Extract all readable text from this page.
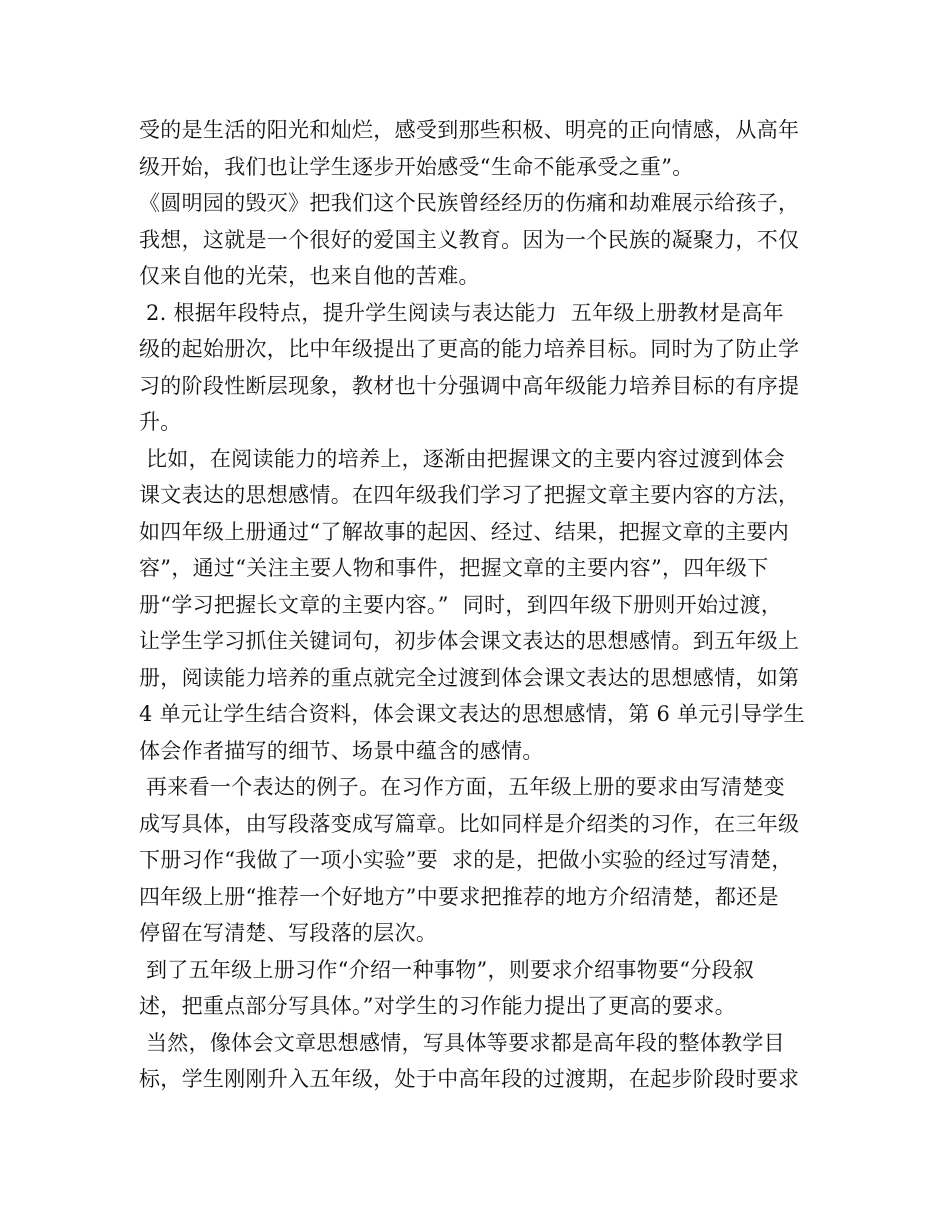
受的是生活的阳光和灿烂，感受到那些积极、明亮的正向情感，从高年
级开始，我们也让学生逐步开始感受“生命不能承受之重”。
《圆明园的毁灭》把我们这个民族曾经经历的伤痛和劫难展示给孩子，
我想，这就是一个很好的爱国主义教育。因为一个民族的凝聚力，不仅
仅来自他的光荣，也来自他的苦难。
2. 根据年段特点，提升学生阅读与表达能力  五年级上册教材是高年
级的起始册次，比中年级提出了更高的能力培养目标。同时为了防止学
习的阶段性断层现象，教材也十分强调中高年级能力培养目标的有序提
升。
比如，在阅读能力的培养上，逐渐由把握课文的主要内容过渡到体会
课文表达的思想感情。在四年级我们学习了把握文章主要内容的方法，
如四年级上册通过“了解故事的起因、经过、结果，把握文章的主要内
容”，通过“关注主要人物和事件，把握文章的主要内容”，四年级下
册“学习把握长文章的主要内容。”  同时，到四年级下册则开始过渡，
让学生学习抓住关键词句，初步体会课文表达的思想感情。到五年级上
册，阅读能力培养的重点就完全过渡到体会课文表达的思想感情，如第
4 单元让学生结合资料，体会课文表达的思想感情，第 6 单元引导学生
体会作者描写的细节、场景中蕴含的感情。
再来看一个表达的例子。在习作方面，五年级上册的要求由写清楚变
成写具体，由写段落变成写篇章。比如同样是介绍类的习作，在三年级
下册习作“我做了一项小实验”要  求的是，把做小实验的经过写清楚，
四年级上册“推荐一个好地方”中要求把推荐的地方介绍清楚，都还是
停留在写清楚、写段落的层次。
到了五年级上册习作“介绍一种事物”，则要求介绍事物要“分段叙
述，把重点部分写具体。”对学生的习作能力提出了更高的要求。
当然，像体会文章思想感情，写具体等要求都是高年段的整体教学目
标，学生刚刚升入五年级，处于中高年段的过渡期，在起步阶段时要求
